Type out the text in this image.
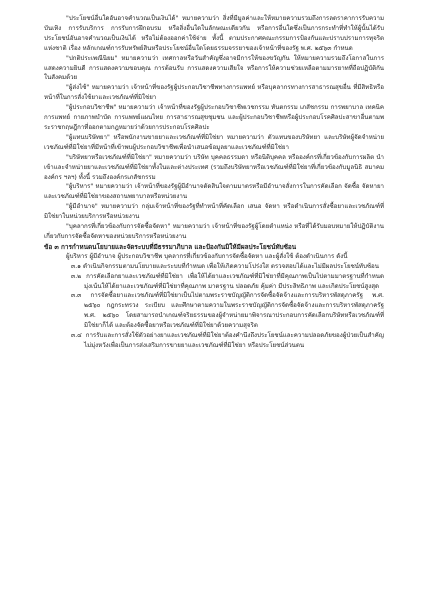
"ประโยชน์อื่นใดอันอาจคำนวณเป็นเงินได้" หมายความว่า สิ่งที่มีมูลค่าและให้หมายความรวมถึงการลดราคาการรับความบันเทิง การรับบริการ การรับการฝึกอบรม หรือสิ่งอื่นใดในลักษณะเดียวกัน หรือการอื่นใดซึ่งเป็นการกระทำที่ทำให้ผู้นั้นได้รับประโยชน์อันอาจคำนวณเป็นเงินได้ หรือไม่ต้องออกค่าใช้จ่าย ทั้งนี้ ตามประกาศคณะกรรมการป้องกันและปราบปรามการทุจริตแห่งชาติ เรื่อง หลักเกณฑ์การรับทรัพย์สินหรือประโยชน์อื่นใดโดยธรรมจรรยาของเจ้าหน้าที่ของรัฐ พ.ศ. ๒๕๖๓ กำหนด

"ปกติประเพณีนิยม" หมายความว่า เทศกาลหรือวันสำคัญซึ่งอาจมีการให้ของขวัญกัน ให้หมายความรวมถึงโอกาสในการแสดงความยินดี การแสดงความขอบคุณ การต้อนรับ การแสดงความเสียใจ หรือการให้ความช่วยเหลือตามมารยาทที่ถือปฏิบัติกันในสังคมด้วย

"ผู้ส่งไซ้" หมายความว่า เจ้าหน้าที่ของรัฐผู้ประกอบวิชาชีพทางการแพทย์ หรือบุคลากรทางการสาธารณสุขอื่น ที่มีสิทธิหรือหน้าที่ในการสั่งใช้ยาและเวชภัณฑ์ที่มิใช่ยา

"ผู้ประกอบวิชาชีพ" หมายความว่า เจ้าหน้าที่ของรัฐผู้ประกอบวิชาชีพเวชกรรม ทันตกรรม เภสัชกรรม การพยาบาล เทคนิคการแพทย์ กายภาพบำบัด การแพทย์แผนไทย การสาธารณสุขชุมชน และผู้ประกอบวิชาชีพหรือผู้ประกอบโรคศิลปะสาขาอื่นตามพระราชกฤษฎีกาที่ออกตามกฎหมายว่าด้วยการประกอบโรคศิลปะ

"ผู้แทนบริษัทยา" หรือพนักงานขายยาและเวชภัณฑ์ที่มิใช่ยา หมายความว่า ตัวแทนของบริษัทยา และบริษัทผู้จัดจำหน่ายเวชภัณฑ์ที่มิใช่ยาที่มีหน้าที่เข้าพบผู้ประกอบวิชาชีพเพื่อนำเสนอข้อมูลยาและเวชภัณฑ์ที่มิใช่ยา

"บริษัทยาหรือเวชภัณฑ์ที่มิใช่ยา" หมายความว่า บริษัท บุคคลธรรมดา หรือนิติบุคคล หรือองค์กรที่เกี่ยวข้องกับการผลิต นำเข้าและจำหน่ายยาและเวชภัณฑ์ที่มิใช่ยาทั้งในและต่างประเทศ (รวมถึงบริษัทยาหรือเวชภัณฑ์ที่มิใช่ยาที่เกี่ยวข้องกับมูลนิธิ สมาคม องค์กร ฯลฯ) ทั้งนี้ รวมถึงองค์กรเภสัชกรรม

"ผู้บริหาร" หมายความว่า เจ้าหน้าที่ของรัฐผู้มีอำนาจตัดสินใจตามมาตรหรือมีอำนาจสั่งการในการคัดเลือก จัดซื้อ จัดหายาและเวชภัณฑ์ที่มิใช่ยาของสถานพยาบาลหรือหน่วยงาน

"ผู้มีอำนาจ" หมายความว่า กลุ่มเจ้าหน้าที่ของรัฐที่ทำหน้าที่คัดเลือก เสนอ จัดหา หรือดำเนินการสั่งซื้อยาและเวชภัณฑ์ที่มิใช่ยาในหน่วยบริการหรือหน่วยงาน

"บุคลากรที่เกี่ยวข้องกับการจัดซื้อจัดหา" หมายความว่า เจ้าหน้าที่ของรัฐผู้โดยตำแหน่ง หรือที่ได้รับมอบหมายให้ปฏิบัติงานเกี่ยวกับการจัดซื้อจัดหาของหน่วยบริการหรือหน่วยงาน

ข้อ ๓ การกำหนดนโยบายและจัดระบบที่มีธรรมาภิบาล และป้องกันมิให้มีผลประโยชน์ทับซ้อน

ผู้บริหาร ผู้มีอำนาจ ผู้ประกอบวิชาชีพ บุคลากรที่เกี่ยวข้องกับการจัดซื้อจัดหา และผู้สั่งใช้ ต้องดำเนินการ ดังนี้

๓.๑ ดำเนินกิจกรรมตามนโยบายและระบบที่กำหนด เพื่อให้เกิดความโปร่งใส ตรวจสอบได้และไม่มีผลประโยชน์ทับซ้อน

๓.๒ การคัดเลือกยาและเวชภัณฑ์ที่มิใช่ยา เพื่อให้ได้ยาและเวชภัณฑ์ที่มิใช่ยาที่มีคุณภาพเป็นไปตามมาตรฐานที่กำหนด มุ่งเน้นให้ได้ยาและเวชภัณฑ์ที่มิใช่ยาที่คุณภาพ มาตรฐาน ปลอดภัย คุ้มค่า มีประสิทธิภาพ และเกิดประโยชน์สูงสุด

๓.๓ การจัดซื้อยาและเวชภัณฑ์ที่มิใช่ยาเป็นไปตามพระราชบัญญัติการจัดซื้อจัดจ้างและการบริหารพัสดุภาครัฐ พ.ศ. ๒๕๖๐ กฎกระทรวง ระเบียบ และศึกษาตามความในพระราชบัญญัติการจัดซื้อจัดจ้างและการบริหารพัสดุภาครัฐ พ.ศ. ๒๕๖๐ โดยสามารถนำเกณฑ์จริยธรรมของผู้จำหน่ายมาพิจารณาประกอบการคัดเลือกบริษัทหรือเวชภัณฑ์ที่มิใช่ยาก็ได้ และต้องจัดซื้อยาหรือเวชภัณฑ์ที่มิใช่ยาด้วยความสุจริต

๓.๔ การรับและการสั่งใช้ตัวอย่างยาและเวชภัณฑ์ที่มิใช่ยาต้องคำนึงถึงประโยชน์และความปลอดภัยของผู้ป่วยเป็นสำคัญ ไม่มุ่งหวังเพื่อเป็นการส่งเสริมการขายยาและเวชภัณฑ์ที่มิใช่ยา หรือประโยชน์ส่วนตน
